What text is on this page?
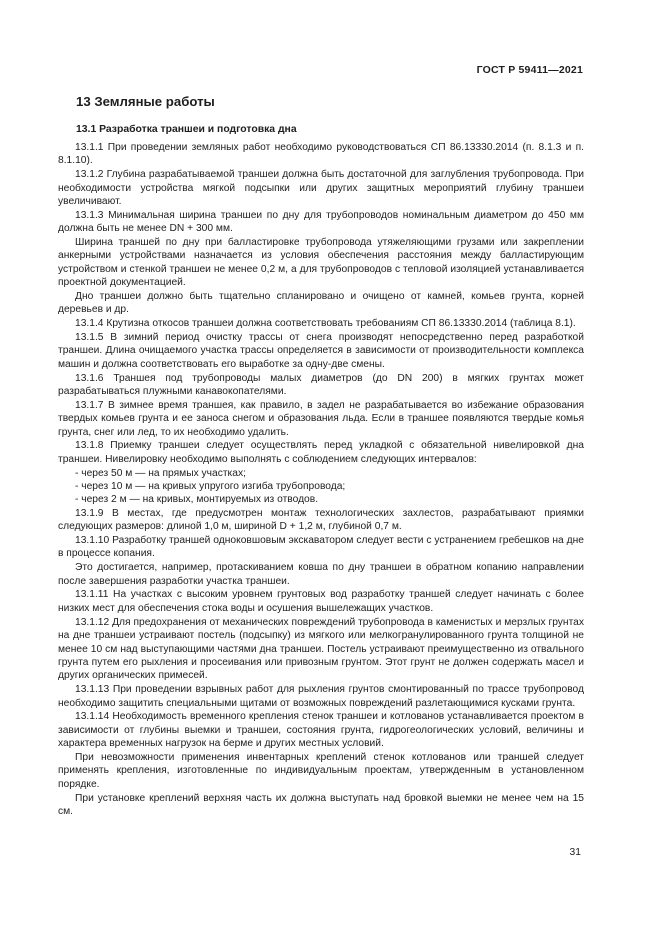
ГОСТ Р 59411—2021
13 Земляные работы
13.1 Разработка траншеи и подготовка дна

13.1.1 При проведении земляных работ необходимо руководствоваться СП 86.13330.2014 (п. 8.1.3 и п. 8.1.10).

13.1.2 Глубина разрабатываемой траншеи должна быть достаточной для заглубления трубопровода. При необходимости устройства мягкой подсыпки или других защитных мероприятий глубину траншеи увеличивают.

13.1.3 Минимальная ширина траншеи по дну для трубопроводов номинальным диаметром до 450 мм должна быть не менее DN + 300 мм.

Ширина траншей по дну при балластировке трубопровода утяжеляющими грузами или закреплении анкерными устройствами назначается из условия обеспечения расстояния между балластирующим устройством и стенкой траншеи не менее 0,2 м, а для трубопроводов с тепловой изоляцией устанавливается проектной документацией.

Дно траншеи должно быть тщательно спланировано и очищено от камней, комьев грунта, корней деревьев и др.

13.1.4 Крутизна откосов траншеи должна соответствовать требованиям СП 86.13330.2014 (таблица 8.1).

13.1.5 В зимний период очистку трассы от снега производят непосредственно перед разработкой траншеи. Длина очищаемого участка трассы определяется в зависимости от производительности комплекса машин и должна соответствовать его выработке за одну-две смены.

13.1.6 Траншея под трубопроводы малых диаметров (до DN 200) в мягких грунтах может разрабатываться плужными канавокопателями.

13.1.7 В зимнее время траншея, как правило, в задел не разрабатывается во избежание образования твердых комьев грунта и ее заноса снегом и образования льда. Если в траншее появляются твердые комья грунта, снег или лед, то их необходимо удалить.

13.1.8 Приемку траншеи следует осуществлять перед укладкой с обязательной нивелировкой дна траншеи. Нивелировку необходимо выполнять с соблюдением следующих интервалов:

- через 50 м — на прямых участках;
- через 10 м — на кривых упругого изгиба трубопровода;
- через 2 м — на кривых, монтируемых из отводов.

13.1.9 В местах, где предусмотрен монтаж технологических захлестов, разрабатывают приямки следующих размеров: длиной 1,0 м, шириной D + 1,2 м, глубиной 0,7 м.

13.1.10 Разработку траншей одноковшовым экскаватором следует вести с устранением гребешков на дне в процессе копания.

Это достигается, например, протаскиванием ковша по дну траншеи в обратном копанию направлении после завершения разработки участка траншеи.

13.1.11 На участках с высоким уровнем грунтовых вод разработку траншей следует начинать с более низких мест для обеспечения стока воды и осушения вышележащих участков.

13.1.12 Для предохранения от механических повреждений трубопровода в каменистых и мерзлых грунтах на дне траншеи устраивают постель (подсыпку) из мягкого или мелкогранулированного грунта толщиной не менее 10 см над выступающими частями дна траншеи. Постель устраивают преимущественно из отвального грунта путем его рыхления и просеивания или привозным грунтом. Этот грунт не должен содержать масел и других органических примесей.

13.1.13 При проведении взрывных работ для рыхления грунтов смонтированный по трассе трубопровод необходимо защитить специальными щитами от возможных повреждений разлетающимися кусками грунта.

13.1.14 Необходимость временного крепления стенок траншеи и котлованов устанавливается проектом в зависимости от глубины выемки и траншеи, состояния грунта, гидрогеологических условий, величины и характера временных нагрузок на берме и других местных условий.

При невозможности применения инвентарных креплений стенок котлованов или траншей следует применять крепления, изготовленные по индивидуальным проектам, утвержденным в установленном порядке.

При установке креплений верхняя часть их должна выступать над бровкой выемки не менее чем на 15 см.

31
